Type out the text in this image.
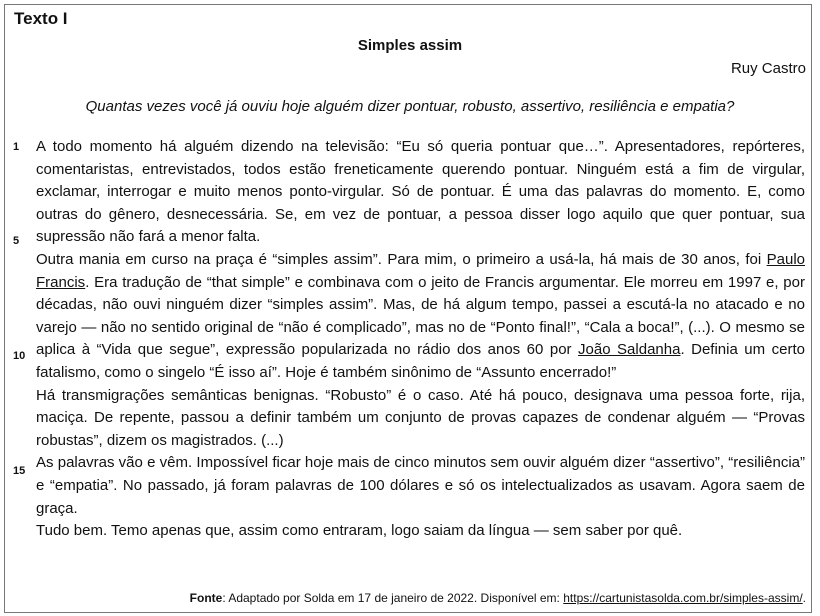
Texto I
Simples assim
Ruy Castro
Quantas vezes você já ouviu hoje alguém dizer pontuar, robusto, assertivo, resiliência e empatia?
1
5
10
15

A todo momento há alguém dizendo na televisão: “Eu só queria pontuar que…”. Apresentadores, repórteres, comentaristas, entrevistados, todos estão freneticamente querendo pontuar. Ninguém está a fim de virgular, exclamar, interrogar e muito menos ponto-virgular. Só de pontuar. É uma das palavras do momento. E, como outras do gênero, desnecessária. Se, em vez de pontuar, a pessoa disser logo aquilo que quer pontuar, sua supressão não fará a menor falta.

Outra mania em curso na praça é “simples assim”. Para mim, o primeiro a usá-la, há mais de 30 anos, foi Paulo Francis. Era tradução de “that simple” e combinava com o jeito de Francis argumentar. Ele morreu em 1997 e, por décadas, não ouvi ninguém dizer “simples assim”. Mas, de há algum tempo, passei a escutá-la no atacado e no varejo — não no sentido original de “não é complicado”, mas no de “Ponto final!”, “Cala a boca!”, (...). O mesmo se aplica à “Vida que segue”, expressão popularizada no rádio dos anos 60 por João Saldanha. Definia um certo fatalismo, como o singelo “É isso aí”. Hoje é também sinônimo de “Assunto encerrado!”

Há transmigrações semânticas benignas. “Robusto” é o caso. Até há pouco, designava uma pessoa forte, rija, maciça. De repente, passou a definir também um conjunto de provas capazes de condenar alguém — “Provas robustas”, dizem os magistrados. (...)

As palavras vão e vêm. Impossível ficar hoje mais de cinco minutos sem ouvir alguém dizer “assertivo”, “resiliência” e “empatia”. No passado, já foram palavras de 100 dólares e só os intelectualizados as usavam. Agora saem de graça.

Tudo bem. Temo apenas que, assim como entraram, logo saiam da língua — sem saber por quê.

Fonte: Adaptado por Solda em 17 de janeiro de 2022. Disponível em: https://cartunistasolda.com.br/simples-assim/.
